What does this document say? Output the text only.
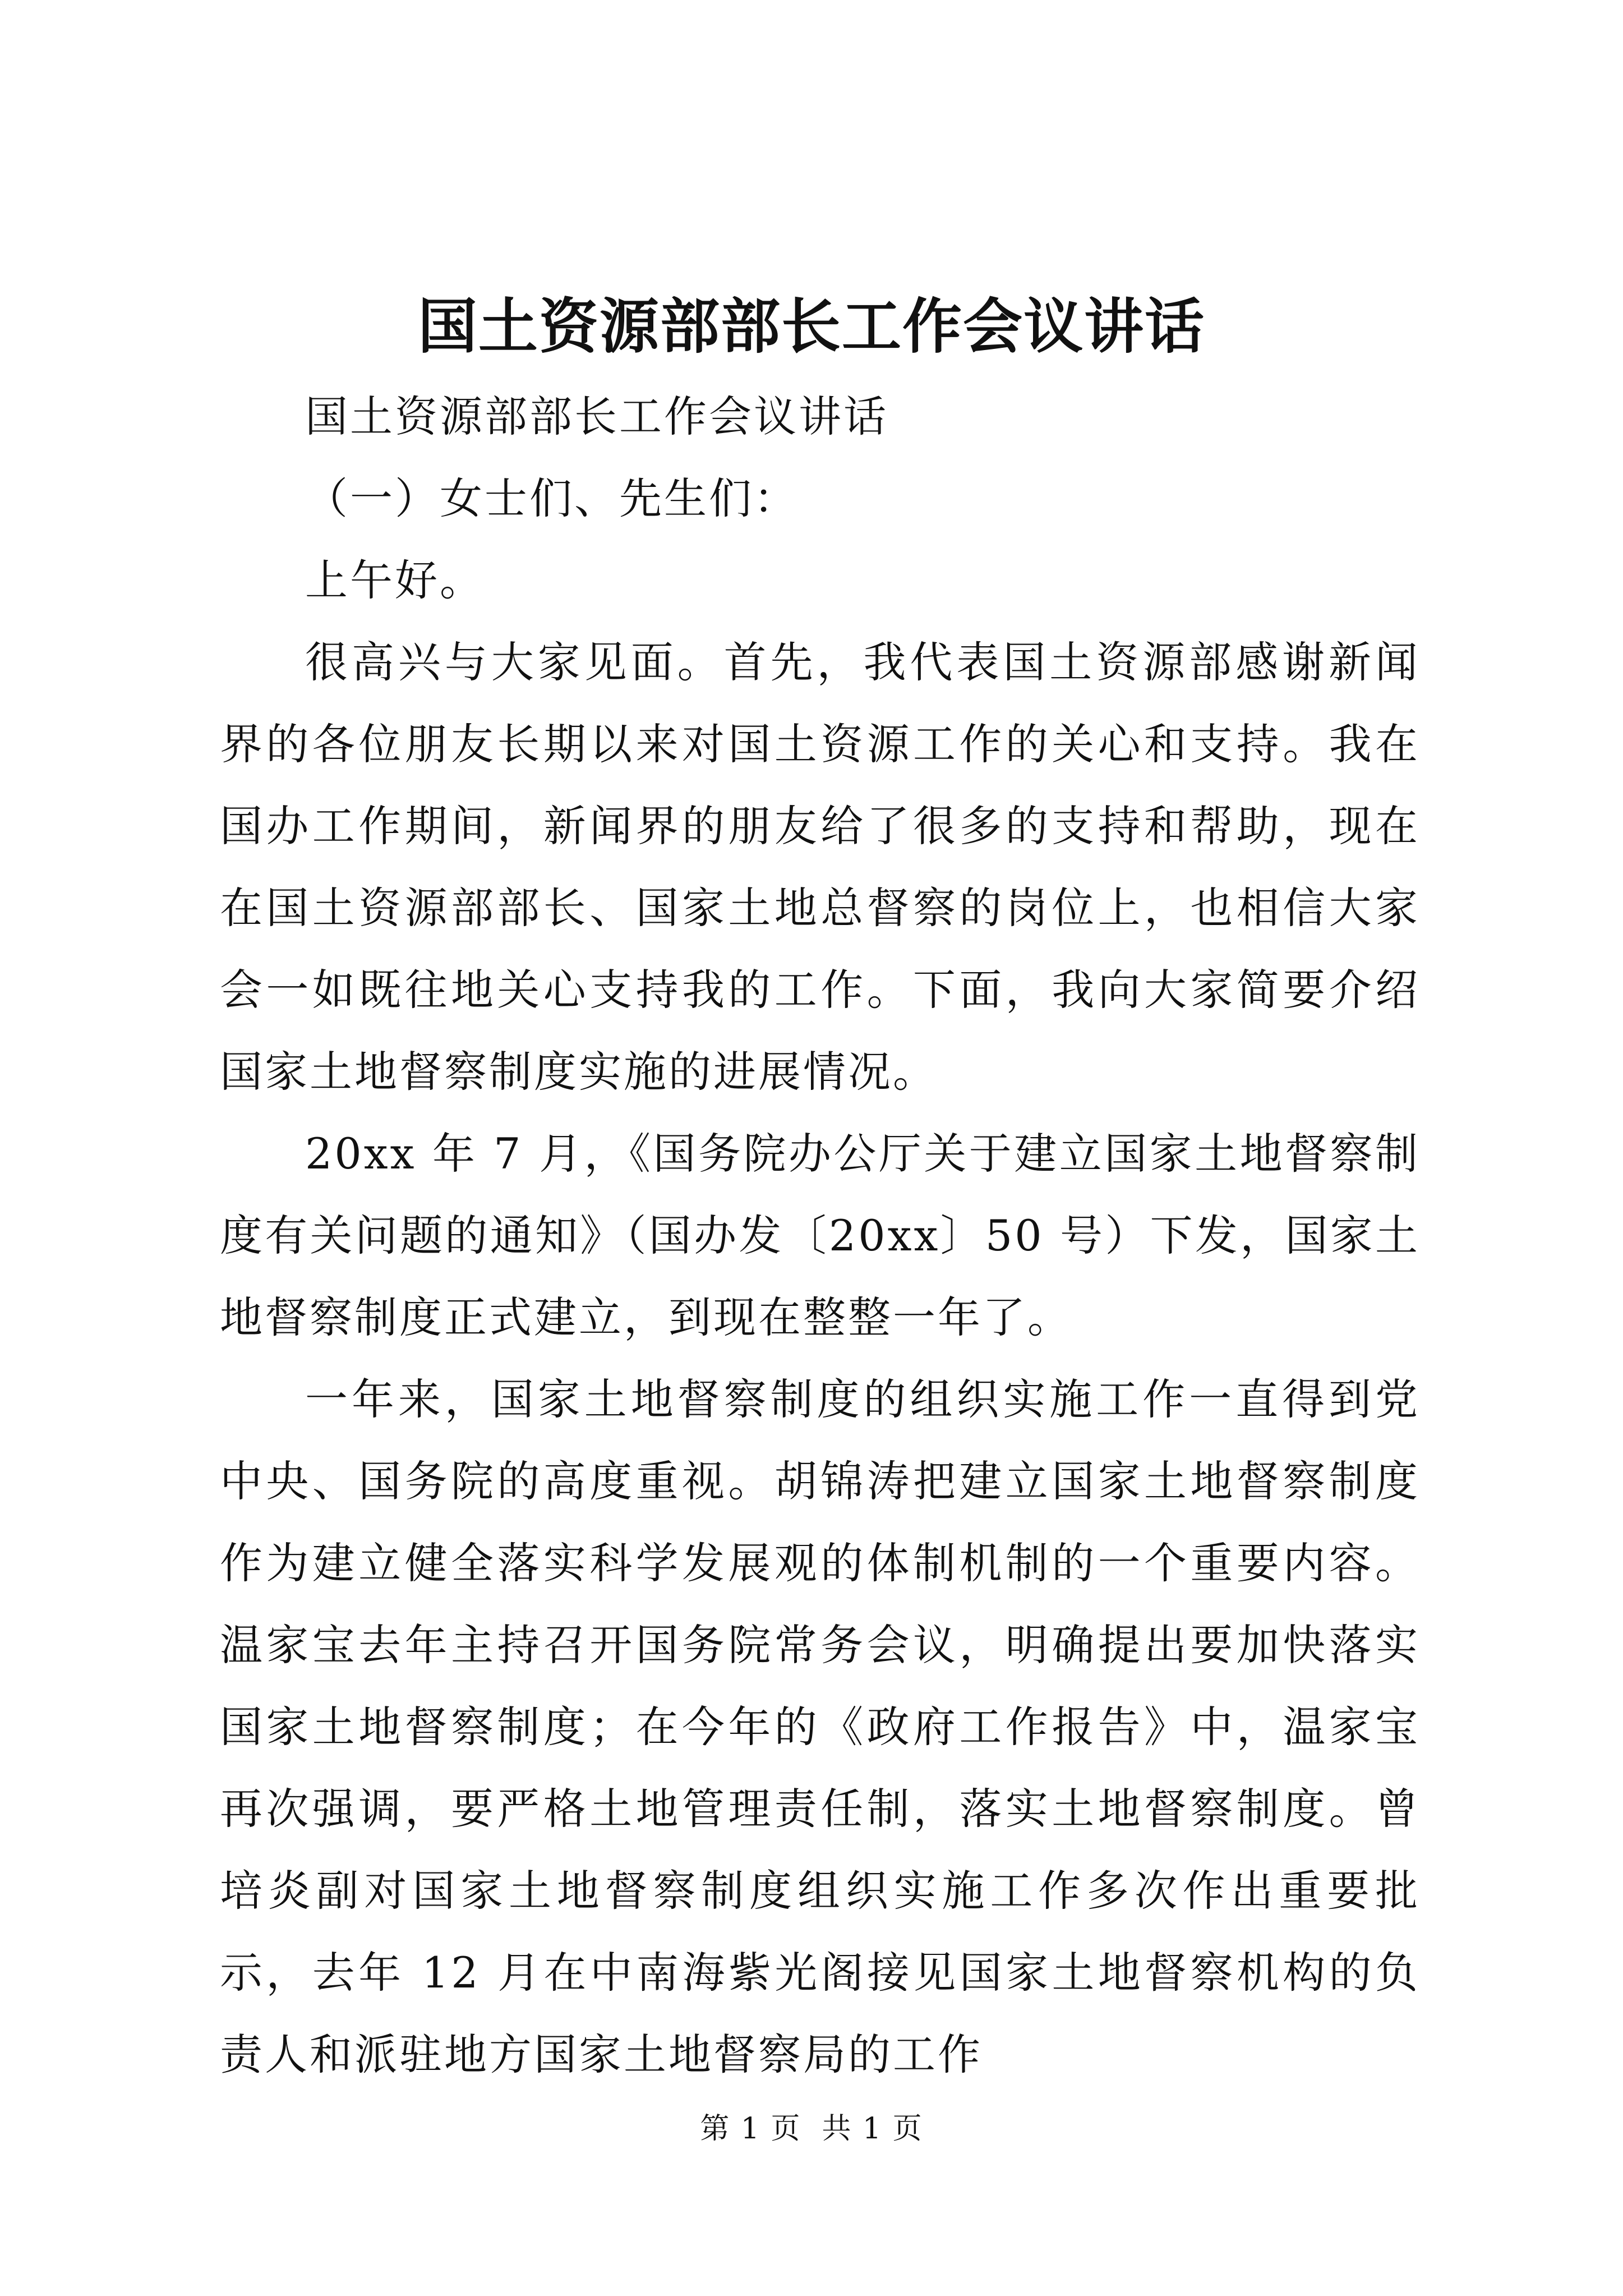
国土资源部部长工作会议讲话

国土资源部部长工作会议讲话

（一）女士们、先生们：

上午好。

很高兴与大家见面。首先，我代表国土资源部感谢新闻界的各位朋友长期以来对国土资源工作的关心和支持。我在国办工作期间，新闻界的朋友给了很多的支持和帮助，现在在国土资源部部长、国家土地总督察的岗位上，也相信大家会一如既往地关心支持我的工作。下面，我向大家简要介绍国家土地督察制度实施的进展情况。

20xx 年 7 月，《国务院办公厅关于建立国家土地督察制度有关问题的通知》（国办发〔20xx〕50 号）下发，国家土地督察制度正式建立，到现在整整一年了。

一年来，国家土地督察制度的组织实施工作一直得到党中央、国务院的高度重视。胡锦涛把建立国家土地督察制度作为建立健全落实科学发展观的体制机制的一个重要内容。温家宝去年主持召开国务院常务会议，明确提出要加快落实国家土地督察制度；在今年的《政府工作报告》中，温家宝再次强调，要严格土地管理责任制，落实土地督察制度。曾培炎副对国家土地督察制度组织实施工作多次作出重要批示，去年 12 月在中南海紫光阁接见国家土地督察机构的负责人和派驻地方国家土地督察局的工作

第 1 页 共 1 页
